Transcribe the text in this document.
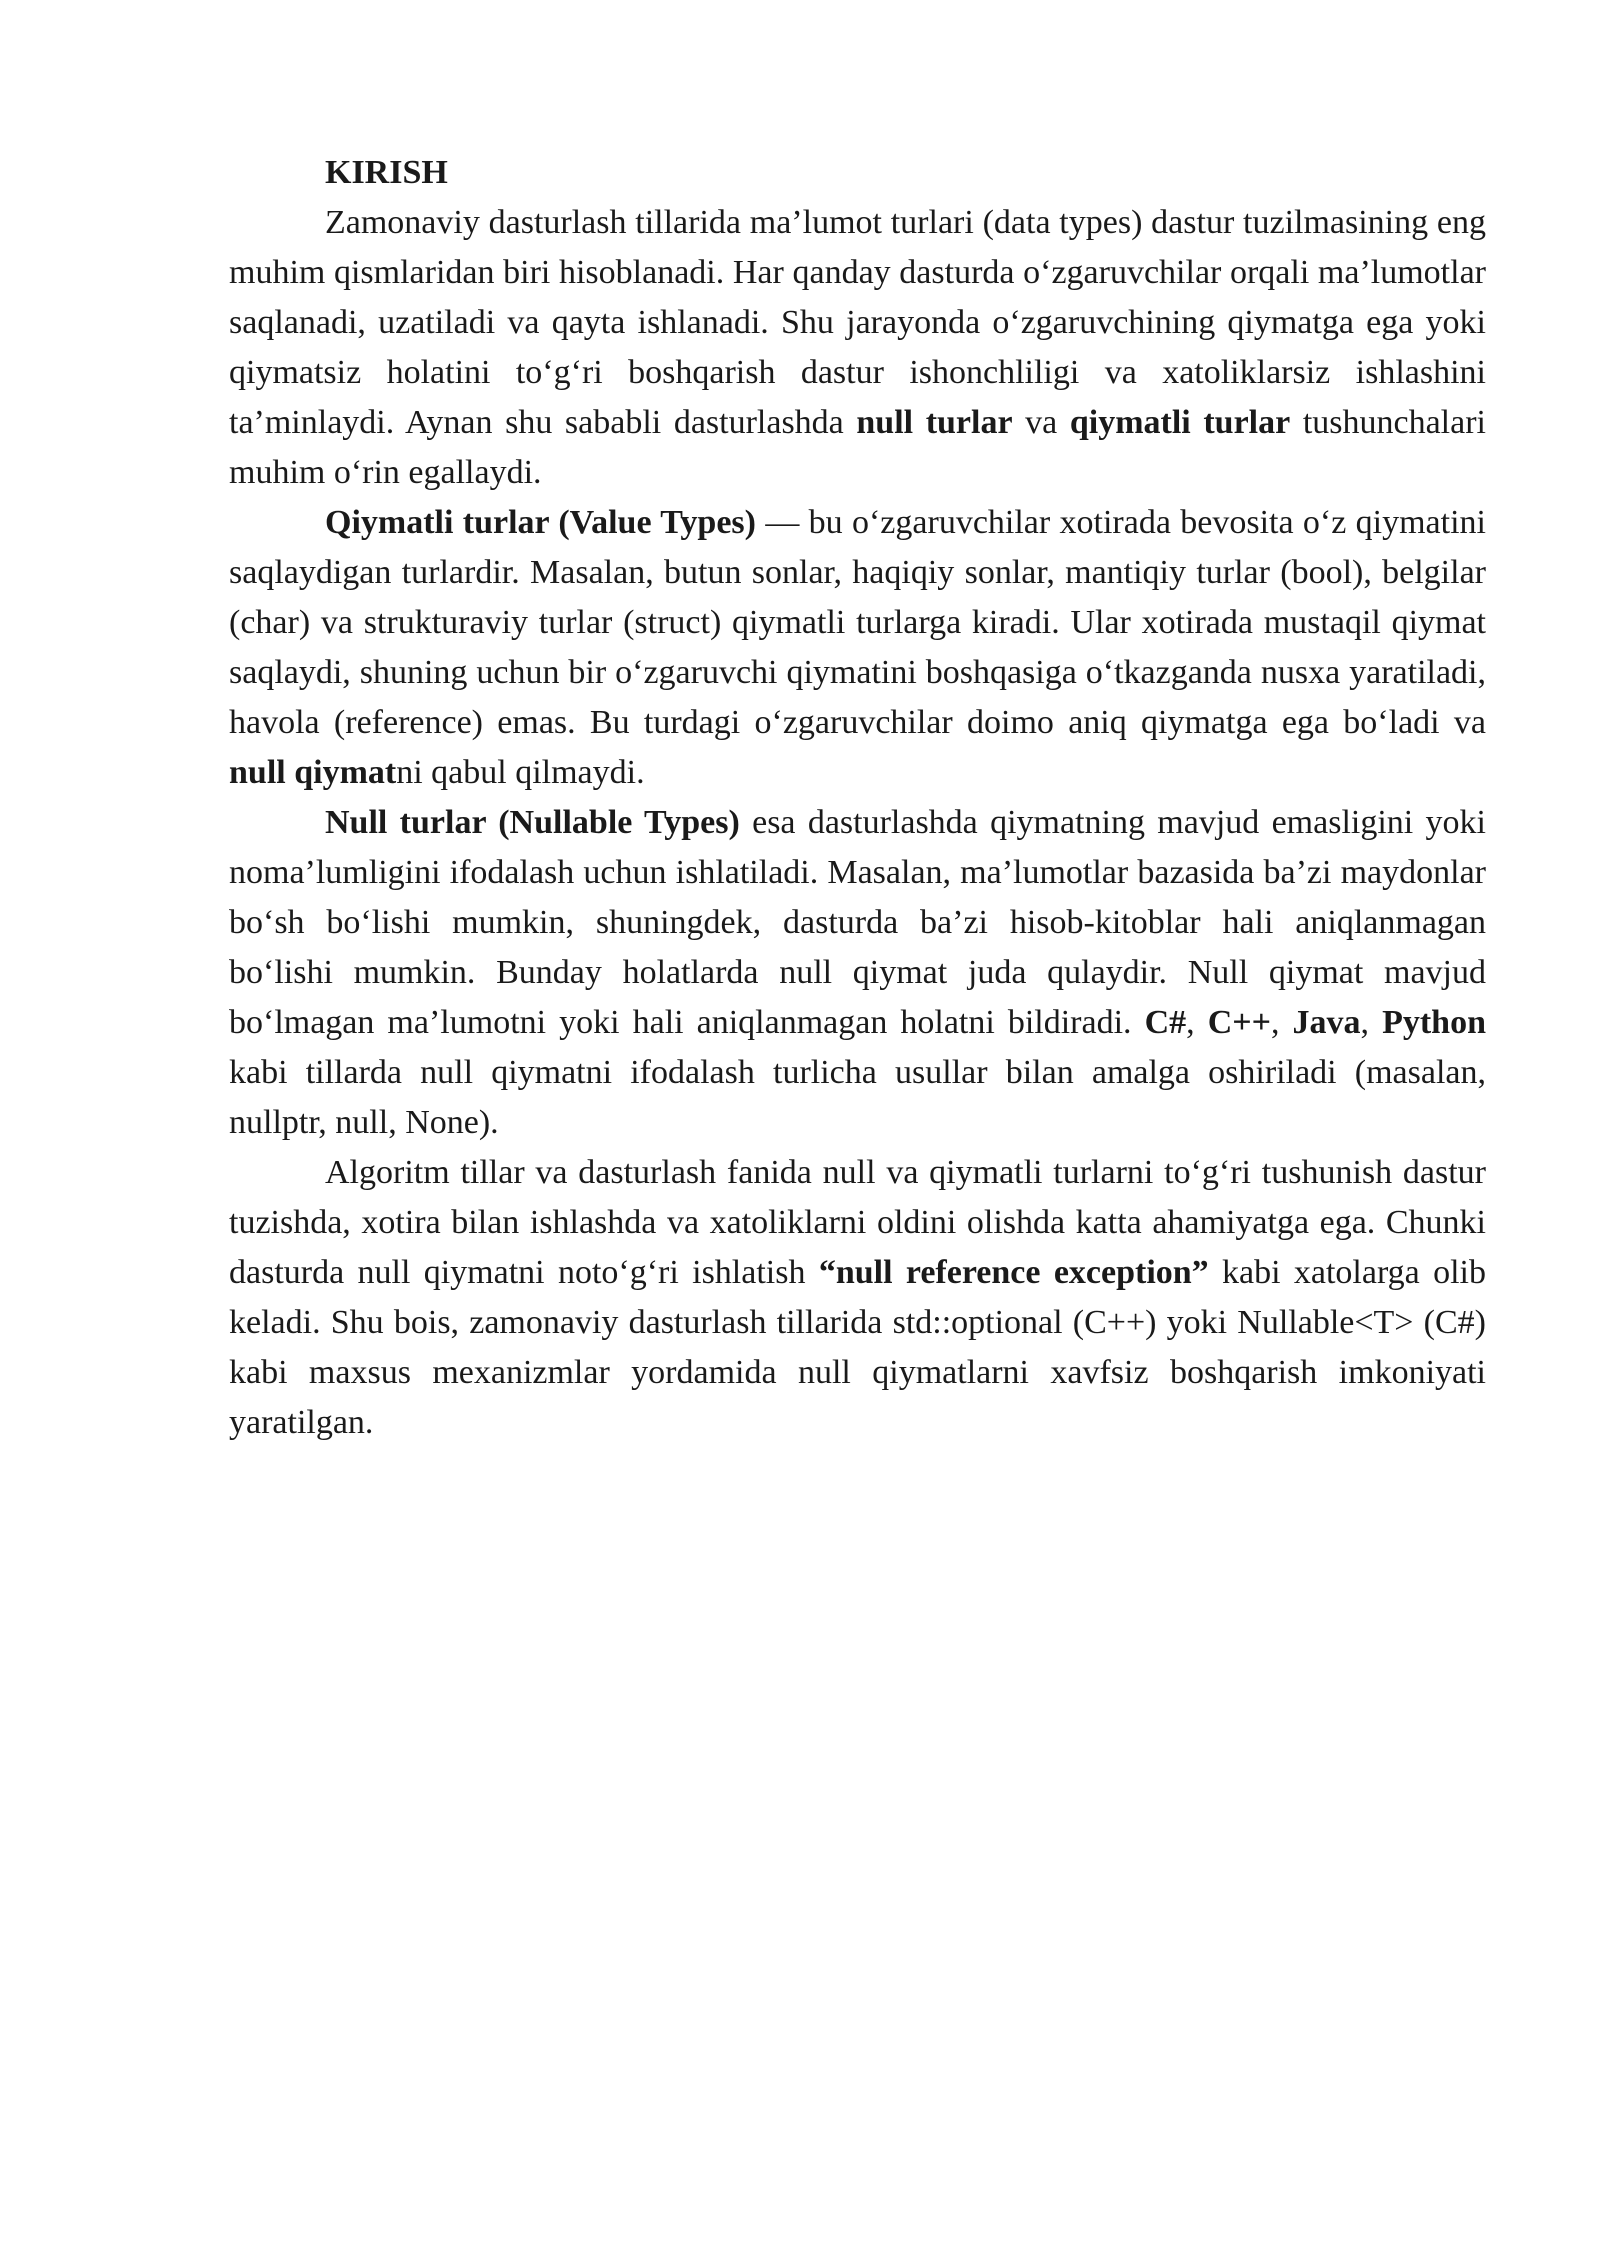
KIRISH

Zamonaviy dasturlash tillarida ma’lumot turlari (data types) dastur tuzilmasining eng muhim qismlaridan biri hisoblanadi. Har qanday dasturda o‘zgaruvchilar orqali ma’lumotlar saqlanadi, uzatiladi va qayta ishlanadi. Shu jarayonda o‘zgaruvchining qiymatga ega yoki qiymatsiz holatini to‘g‘ri boshqarish dastur ishonchliligi va xatoliklarsiz ishlashini ta’minlaydi. Aynan shu sababli dasturlashda null turlar va qiymatli turlar tushunchalari muhim o‘rin egallaydi.

Qiymatli turlar (Value Types) — bu o‘zgaruvchilar xotirada bevosita o‘z qiymatini saqlaydigan turlardir. Masalan, butun sonlar, haqiqiy sonlar, mantiqiy turlar (bool), belgilar (char) va strukturaviy turlar (struct) qiymatli turlarga kiradi. Ular xotirada mustaqil qiymat saqlaydi, shuning uchun bir o‘zgaruvchi qiymatini boshqasiga o‘tkazganda nusxa yaratiladi, havola (reference) emas. Bu turdagi o‘zgaruvchilar doimo aniq qiymatga ega bo‘ladi va null qiymatni qabul qilmaydi.

Null turlar (Nullable Types) esa dasturlashda qiymatning mavjud emasligini yoki noma’lumligini ifodalash uchun ishlatiladi. Masalan, ma’lumotlar bazasida ba’zi maydonlar bo‘sh bo‘lishi mumkin, shuningdek, dasturda ba’zi hisob-kitoblar hali aniqlanmagan bo‘lishi mumkin. Bunday holatlarda null qiymat juda qulaydir. Null qiymat mavjud bo‘lmagan ma’lumotni yoki hali aniqlanmagan holatni bildiradi. C#, C++, Java, Python kabi tillarda null qiymatni ifodalash turlicha usullar bilan amalga oshiriladi (masalan, nullptr, null, None).

Algoritm tillar va dasturlash fanida null va qiymatli turlarni to‘g‘ri tushunish dastur tuzishda, xotira bilan ishlashda va xatoliklarni oldini olishda katta ahamiyatga ega. Chunki dasturda null qiymatni noto‘g‘ri ishlatish “null reference exception” kabi xatolarga olib keladi. Shu bois, zamonaviy dasturlash tillarida std::optional (C++) yoki Nullable<T> (C#) kabi maxsus mexanizmlar yordamida null qiymatlarni xavfsiz boshqarish imkoniyati yaratilgan.
